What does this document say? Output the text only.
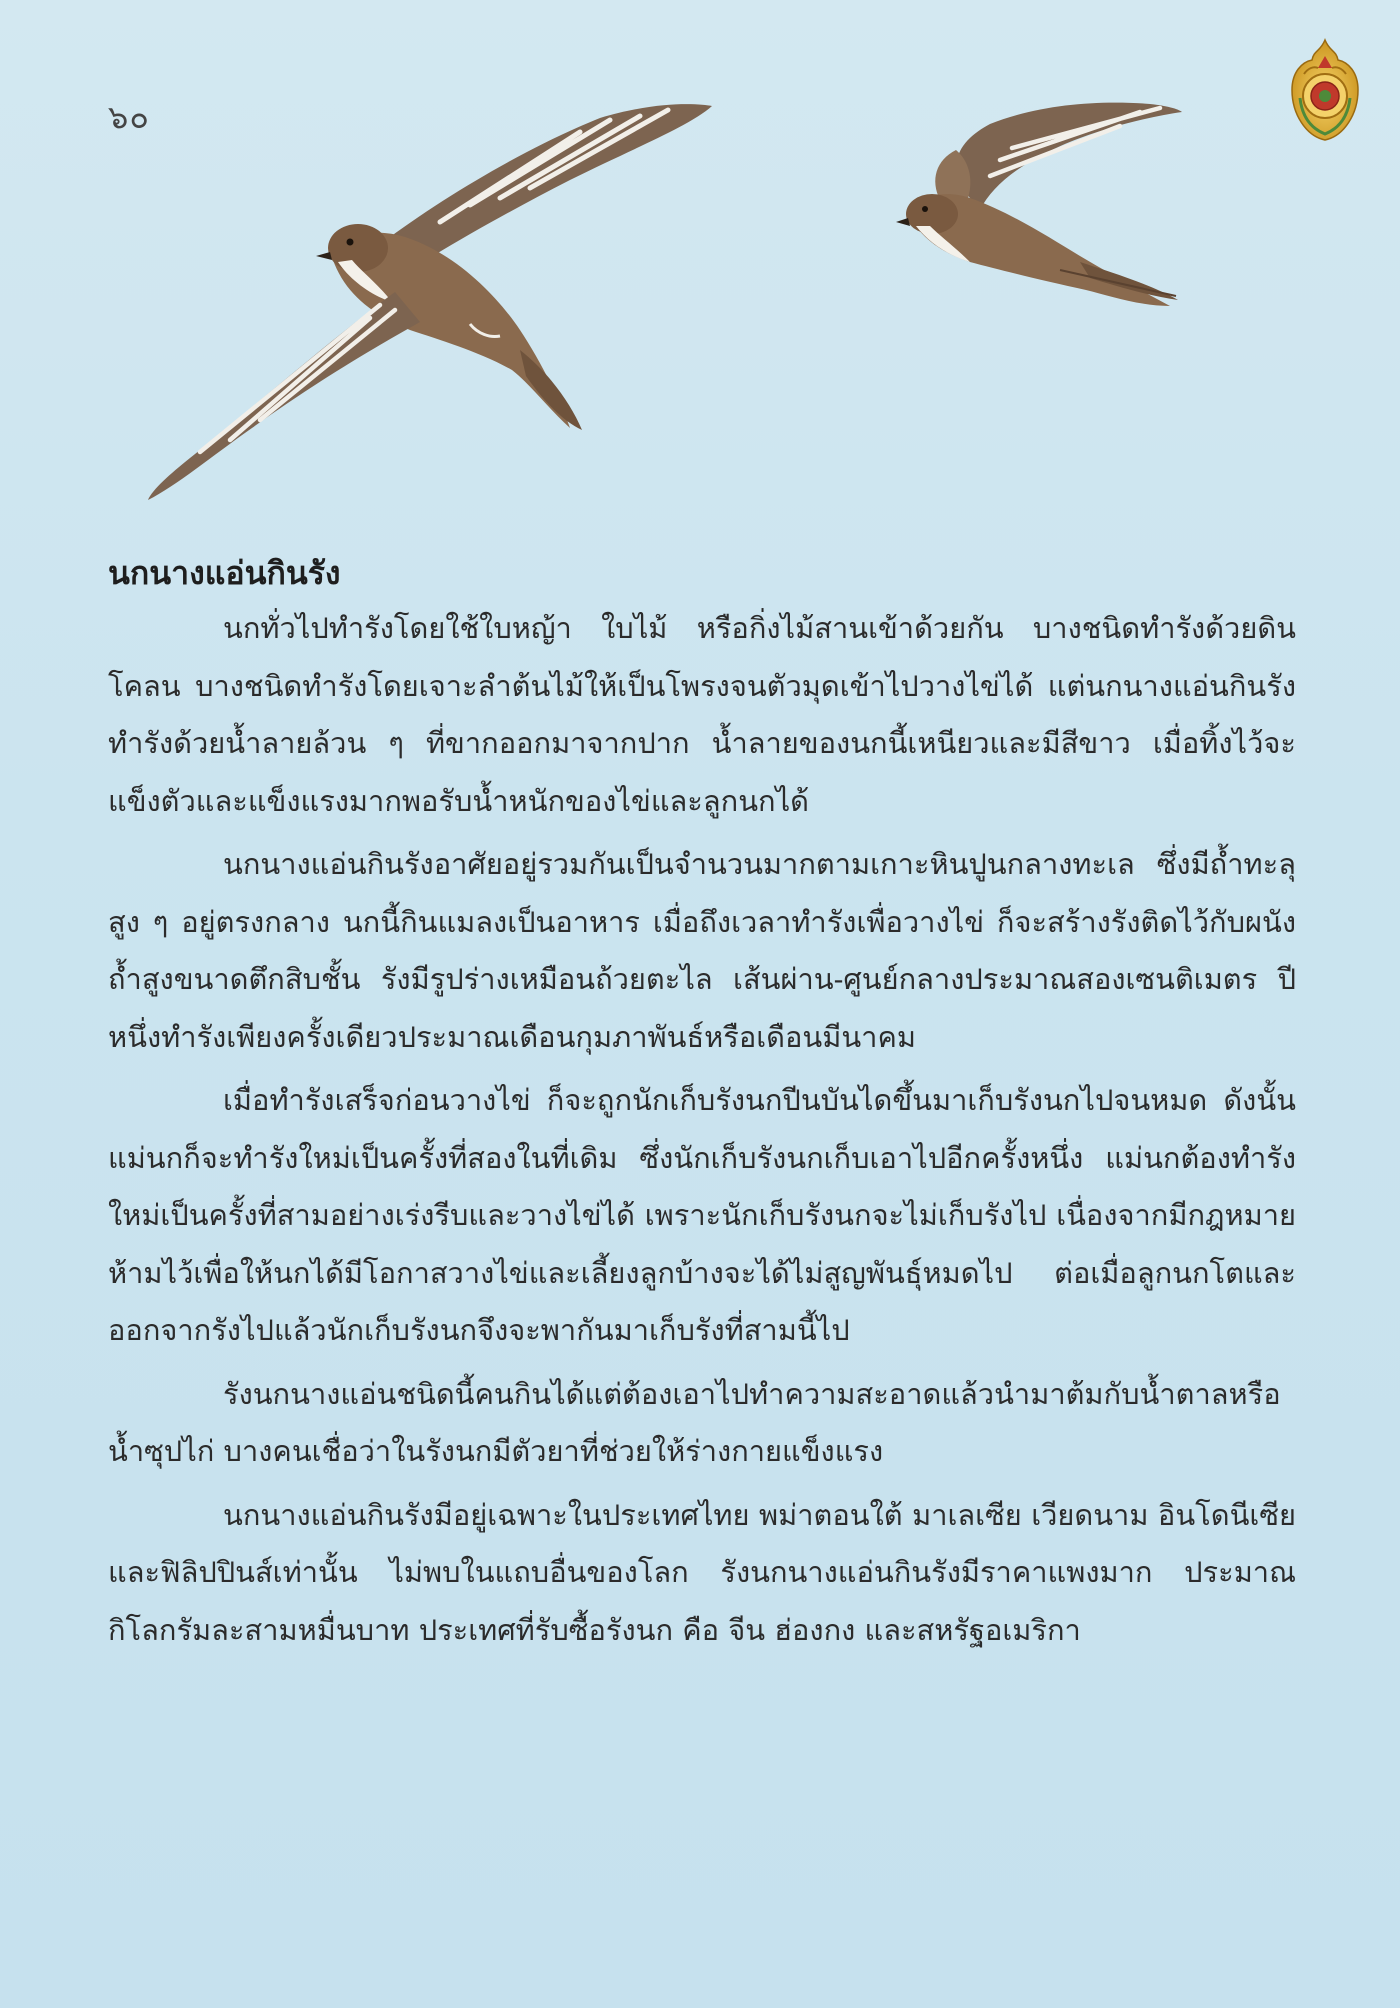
๖๐
นกนางแอ่นกินรัง

นกทั่วไปทำรังโดยใช้ใบหญ้า ใบไม้ หรือกิ่งไม้สานเข้าด้วยกัน บางชนิดทำรังด้วยดินโคลน บางชนิดทำรังโดยเจาะลำต้นไม้ให้เป็นโพรงจนตัวมุดเข้าไปวางไข่ได้ แต่นกนางแอ่นกินรังทำรังด้วยน้ำลายล้วน ๆ ที่ขากออกมาจากปาก น้ำลายของนกนี้เหนียวและมีสีขาว เมื่อทิ้งไว้จะแข็งตัวและแข็งแรงมากพอรับน้ำหนักของไข่และลูกนกได้

นกนางแอ่นกินรังอาศัยอยู่รวมกันเป็นจำนวนมากตามเกาะหินปูนกลางทะเล ซึ่งมีถ้ำทะลุสูง ๆ อยู่ตรงกลาง นกนี้กินแมลงเป็นอาหาร เมื่อถึงเวลาทำรังเพื่อวางไข่ ก็จะสร้างรังติดไว้กับผนังถ้ำสูงขนาดตึกสิบชั้น รังมีรูปร่างเหมือนถ้วยตะไล เส้นผ่าน-ศูนย์กลางประมาณสองเซนติเมตร ปีหนึ่งทำรังเพียงครั้งเดียวประมาณเดือนกุมภาพันธ์หรือเดือนมีนาคม

เมื่อทำรังเสร็จก่อนวางไข่ ก็จะถูกนักเก็บรังนกปีนบันไดขึ้นมาเก็บรังนกไปจนหมด ดังนั้นแม่นกก็จะทำรังใหม่เป็นครั้งที่สองในที่เดิม ซึ่งนักเก็บรังนกเก็บเอาไปอีกครั้งหนึ่ง แม่นกต้องทำรังใหม่เป็นครั้งที่สามอย่างเร่งรีบและวางไข่ได้ เพราะนักเก็บรังนกจะไม่เก็บรังไป เนื่องจากมีกฎหมายห้ามไว้เพื่อให้นกได้มีโอกาสวางไข่และเลี้ยงลูกบ้างจะได้ไม่สูญพันธุ์หมดไป ต่อเมื่อลูกนกโตและออกจากรังไปแล้วนักเก็บรังนกจึงจะพากันมาเก็บรังที่สามนี้ไป

รังนกนางแอ่นชนิดนี้คนกินได้แต่ต้องเอาไปทำความสะอาดแล้วนำมาต้มกับน้ำตาลหรือน้ำซุปไก่ บางคนเชื่อว่าในรังนกมีตัวยาที่ช่วยให้ร่างกายแข็งแรง

นกนางแอ่นกินรังมีอยู่เฉพาะในประเทศไทย พม่าตอนใต้ มาเลเซีย เวียดนาม อินโดนีเซีย และฟิลิปปินส์เท่านั้น ไม่พบในแถบอื่นของโลก รังนกนางแอ่นกินรังมีราคาแพงมาก ประมาณกิโลกรัมละสามหมื่นบาท ประเทศที่รับซื้อรังนก คือ จีน ฮ่องกง และสหรัฐอเมริกา
